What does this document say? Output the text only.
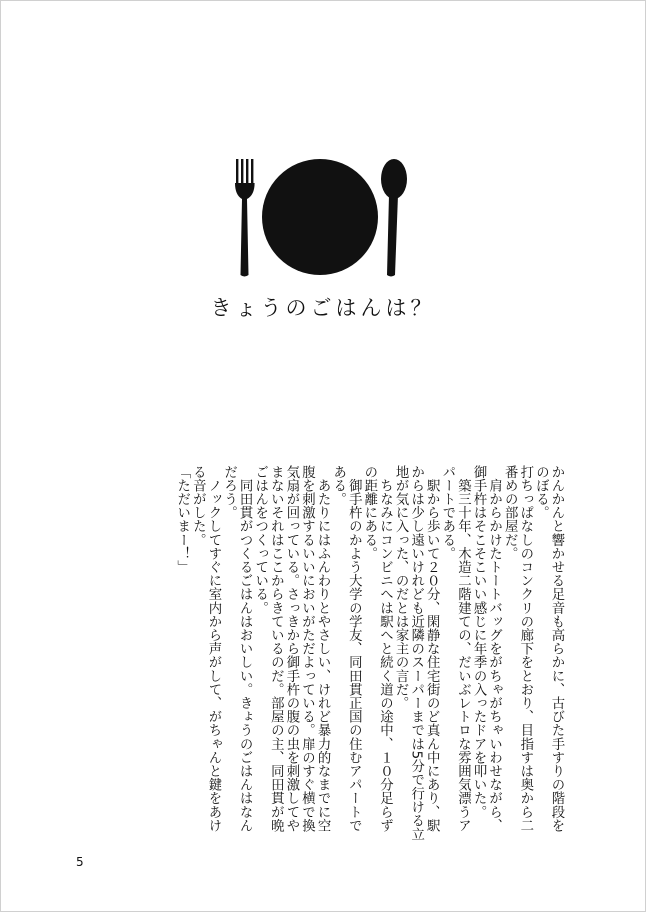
きょうのごはんは？

かんかんと響かせる足音も高らかに、古びた手すりの階段をのぼる。

打ちっぱなしのコンクリの廊下をとおり、目指すは奥から二番めの部屋だ。

　肩からかけたトートバッグをがちゃがちゃいわせながら、御手杵はそこそこいい感じに年季の入ったドアを叩いた。

　築三十年、木造二階建ての、だいぶレトロな雰囲気漂うアパートである。

　駅から歩いて２０分、閑静な住宅街のど真ん中にあり、駅からは少し遠いけれども近隣のスーパーまでは5分で行ける立地が気に入った、のだとは家主の言だ。

　ちなみにコンビニへは駅へと続く道の途中、１０分足らずの距離にある。

　御手杵のかよう大学の学友、同田貫正国の住むアパートである。

　あたりにはふんわりとやさしい、けれど暴力的なまでに空腹を刺激するいいにおいがただよっている。扉のすぐ横で換気扇が回っている。さっきから御手杵の腹の虫を刺激してやまないそれはここからきているのだ。部屋の主、同田貫が晩ごはんをつくっている。

　同田貫がつくるごはんはおいしい。きょうのごはんはなんだろう。

　ノックしてすぐに室内から声がして、がちゃんと鍵をあける音がした。

「ただいまー！」

5
